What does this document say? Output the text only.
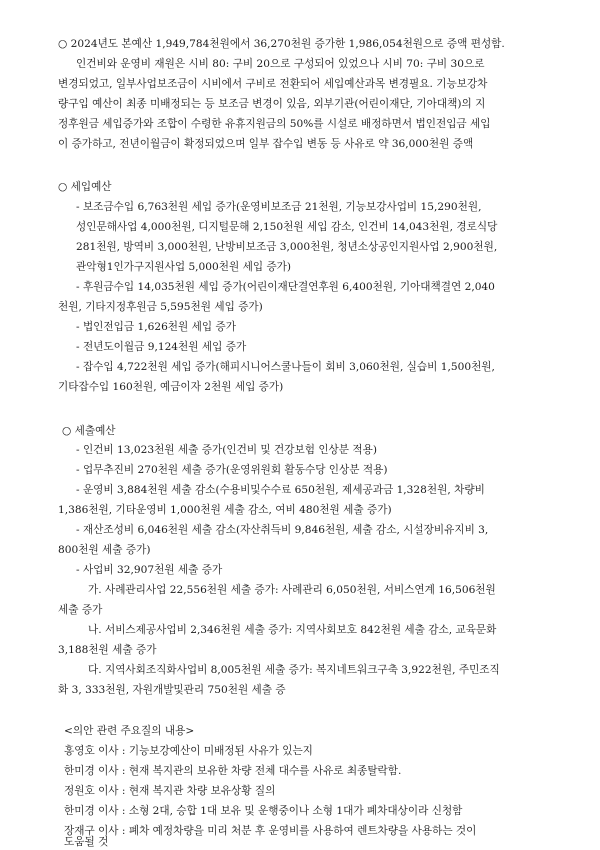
○ 2024년도 본예산 1,949,784천원에서 36,270천원 증가한 1,986,054천원으로 증액 편성함.
인건비와 운영비 재원은 시비 80: 구비 20으로 구성되어 있었으나 시비 70: 구비 30으로
변경되었고, 일부사업보조금이 시비에서 구비로 전환되어 세입예산과목 변경필요. 기능보강차
량구입 예산이 최종 미배정되는 등 보조금 변경이 있음, 외부기관(어린이재단, 기아대책)의 지
정후원금 세입증가와 조합이 수령한 유휴지원금의 50%를 시설로 배정하면서 법인전입금 세입
이 증가하고, 전년이월금이 확정되었으며 일부 잡수입 변동 등 사유로 약 36,000천원 증액
○ 세입예산
- 보조금수입 6,763천원 세입 증가(운영비보조금 21천원, 기능보강사업비 15,290천원,
성인문해사업 4,000천원, 디지털문해 2,150천원 세입 감소, 인건비 14,043천원, 경로식당
281천원, 방역비 3,000천원, 난방비보조금 3,000천원, 청년소상공인지원사업 2,900천원,
관악형1인가구지원사업 5,000천원 세입 증가)
- 후원금수입 14,035천원 세입 증가(어린이재단결연후원 6,400천원, 기아대책결연 2,040
천원, 기타지정후원금 5,595천원 세입 증가)
- 법인전입금 1,626천원 세입 증가
- 전년도이월금 9,124천원 세입 증가
- 잡수입 4,722천원 세입 증가(해피시니어스쿨나들이 회비 3,060천원, 실습비 1,500천원,
기타잡수입 160천원, 예금이자 2천원 세입 증가)
○ 세출예산
- 인건비 13,023천원 세출 증가(인건비 및 건강보험 인상분 적용)
- 업무추진비 270천원 세출 증가(운영위원회 활동수당 인상분 적용)
- 운영비 3,884천원 세출 감소(수용비및수수료 650천원, 제세공과금 1,328천원, 차량비
1,386천원, 기타운영비 1,000천원 세출 감소, 여비 480천원 세출 증가)
- 재산조성비 6,046천원 세출 감소(자산취득비 9,846천원, 세출 감소, 시설장비유지비 3,
800천원 세출 증가)
- 사업비 32,907천원 세출 증가
가. 사례관리사업 22,556천원 세출 증가: 사례관리 6,050천원, 서비스연계 16,506천원
세출 증가
나. 서비스제공사업비 2,346천원 세출 증가: 지역사회보호 842천원 세출 감소, 교육문화
3,188천원 세출 증가
다. 지역사회조직화사업비 8,005천원 세출 증가: 복지네트워크구축 3,922천원, 주민조직
화 3, 333천원, 자원개발및관리 750천원 세출 증
<의안 관련 주요질의 내용>
홍영호 이사 : 기능보강예산이 미배정된 사유가 있는지
한미경 이사 : 현재 복지관의 보유한 차량 전체 대수를 사유로 최종탈락함.
정원호 이사 : 현재 복지관 차량 보유상황 질의
한미경 이사 : 소형 2대, 승합 1대 보유 및 운행중이나 소형 1대가 폐차대상이라 신청함
장재구 이사 : 폐차 예정차량을 미리 처분 후 운영비를 사용하여 렌트차량을 사용하는 것이
도움될 것
